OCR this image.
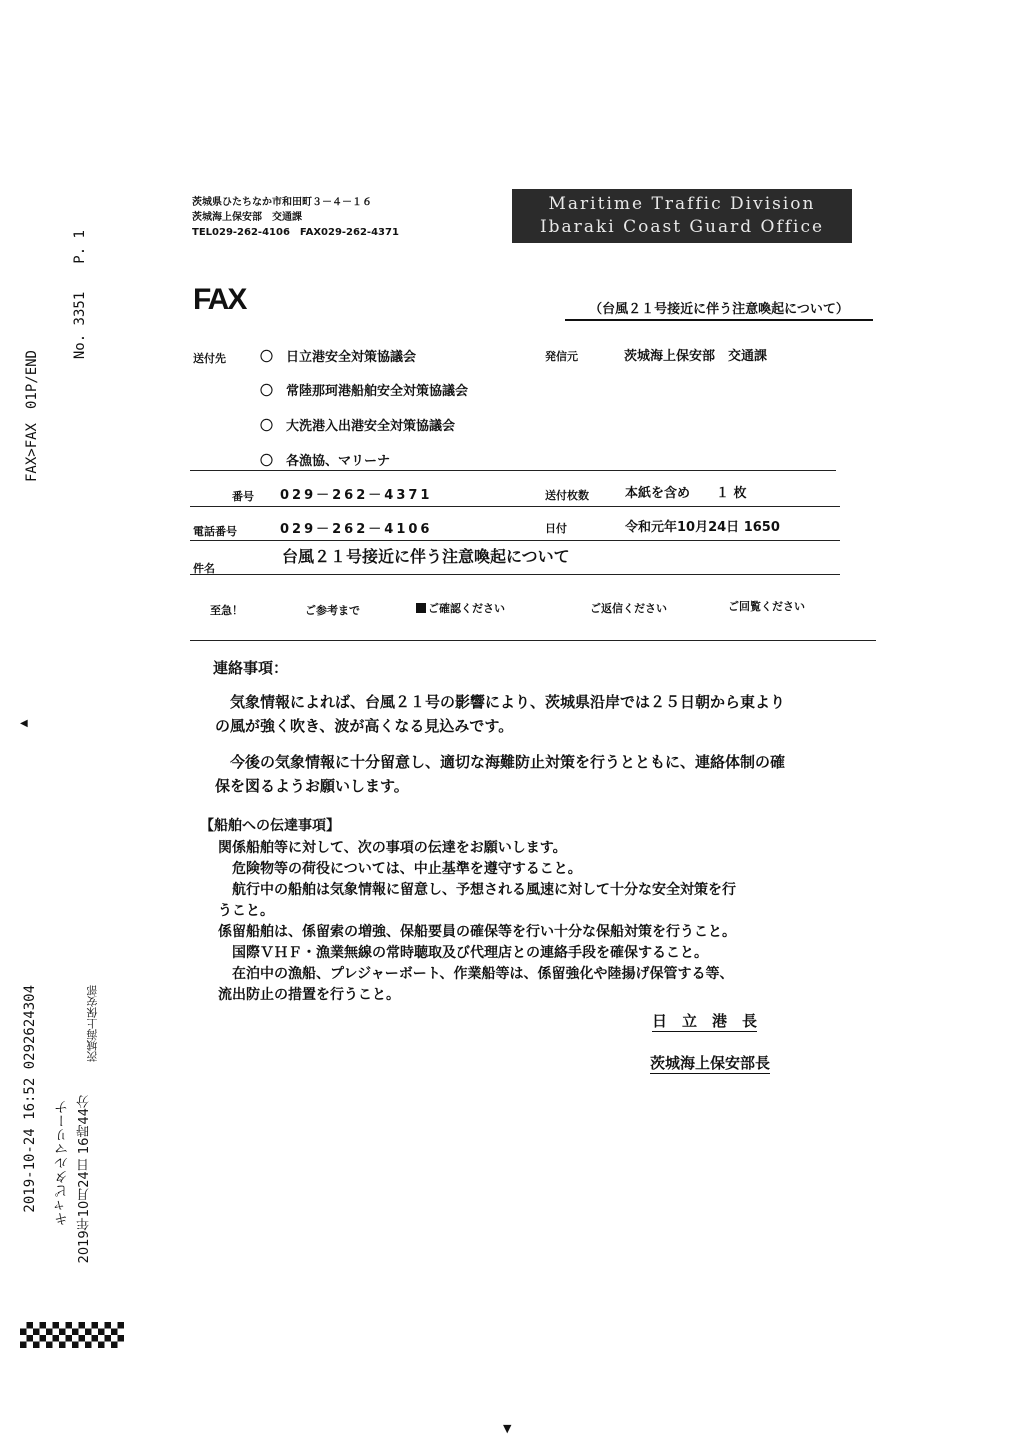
茨城県ひたちなか市和田町３－４－１６
茨城海上保安部　交通課
TEL029-262-4106　FAX029-262-4371
Maritime Traffic Division
Ibaraki Coast Guard Office
FAX	（台風２１号接近に伴う注意喚起について）
送付先	〇　日立港安全対策協議会
〇　常陸那珂港船舶安全対策協議会
〇　大洗港入出港安全対策協議会
〇　各漁協、マリーナ
発信元	茨城海上保安部　交通課
番号 029－262－4371	送付枚数	本紙を含め　　１ 枚
電話番号	029－262－4106	日付	令和元年10月24日 1650
件名
台風２１号接近に伴う注意喚起について
至急！	ご参考まで	ご確認ください	ご返信ください	ご回覧ください
連絡事項：
気象情報によれば、台風２１号の影響により、茨城県沿岸では２５日朝から東より
の風が強く吹き、波が高くなる見込みです。
今後の気象情報に十分留意し、適切な海難防止対策を行うとともに、連絡体制の確
保を図るようお願いします。
【船舶への伝達事項】
関係船舶等に対して、次の事項の伝達をお願いします。
　危険物等の荷役については、中止基準を遵守すること。
　航行中の船舶は気象情報に留意し、予想される風速に対して十分な安全対策を行
うこと。
係留船舶は、係留索の増強、保船要員の確保等を行い十分な保船対策を行うこと。
　国際ＶＨＦ・漁業無線の常時聴取及び代理店との連絡手段を確保すること。
　在泊中の漁船、プレジャーボート、作業船等は、係留強化や陸揚げ保管する等、
流出防止の措置を行うこと。
日　立　港　長
茨城海上保安部長
FAX>FAX　01P/END
No. 3351　　P. 1
◀
2019-10-24 16:52 0292624304 キャピタルマリーナ 2019年10月24日 16時44分
茨城海上保安部
▼
